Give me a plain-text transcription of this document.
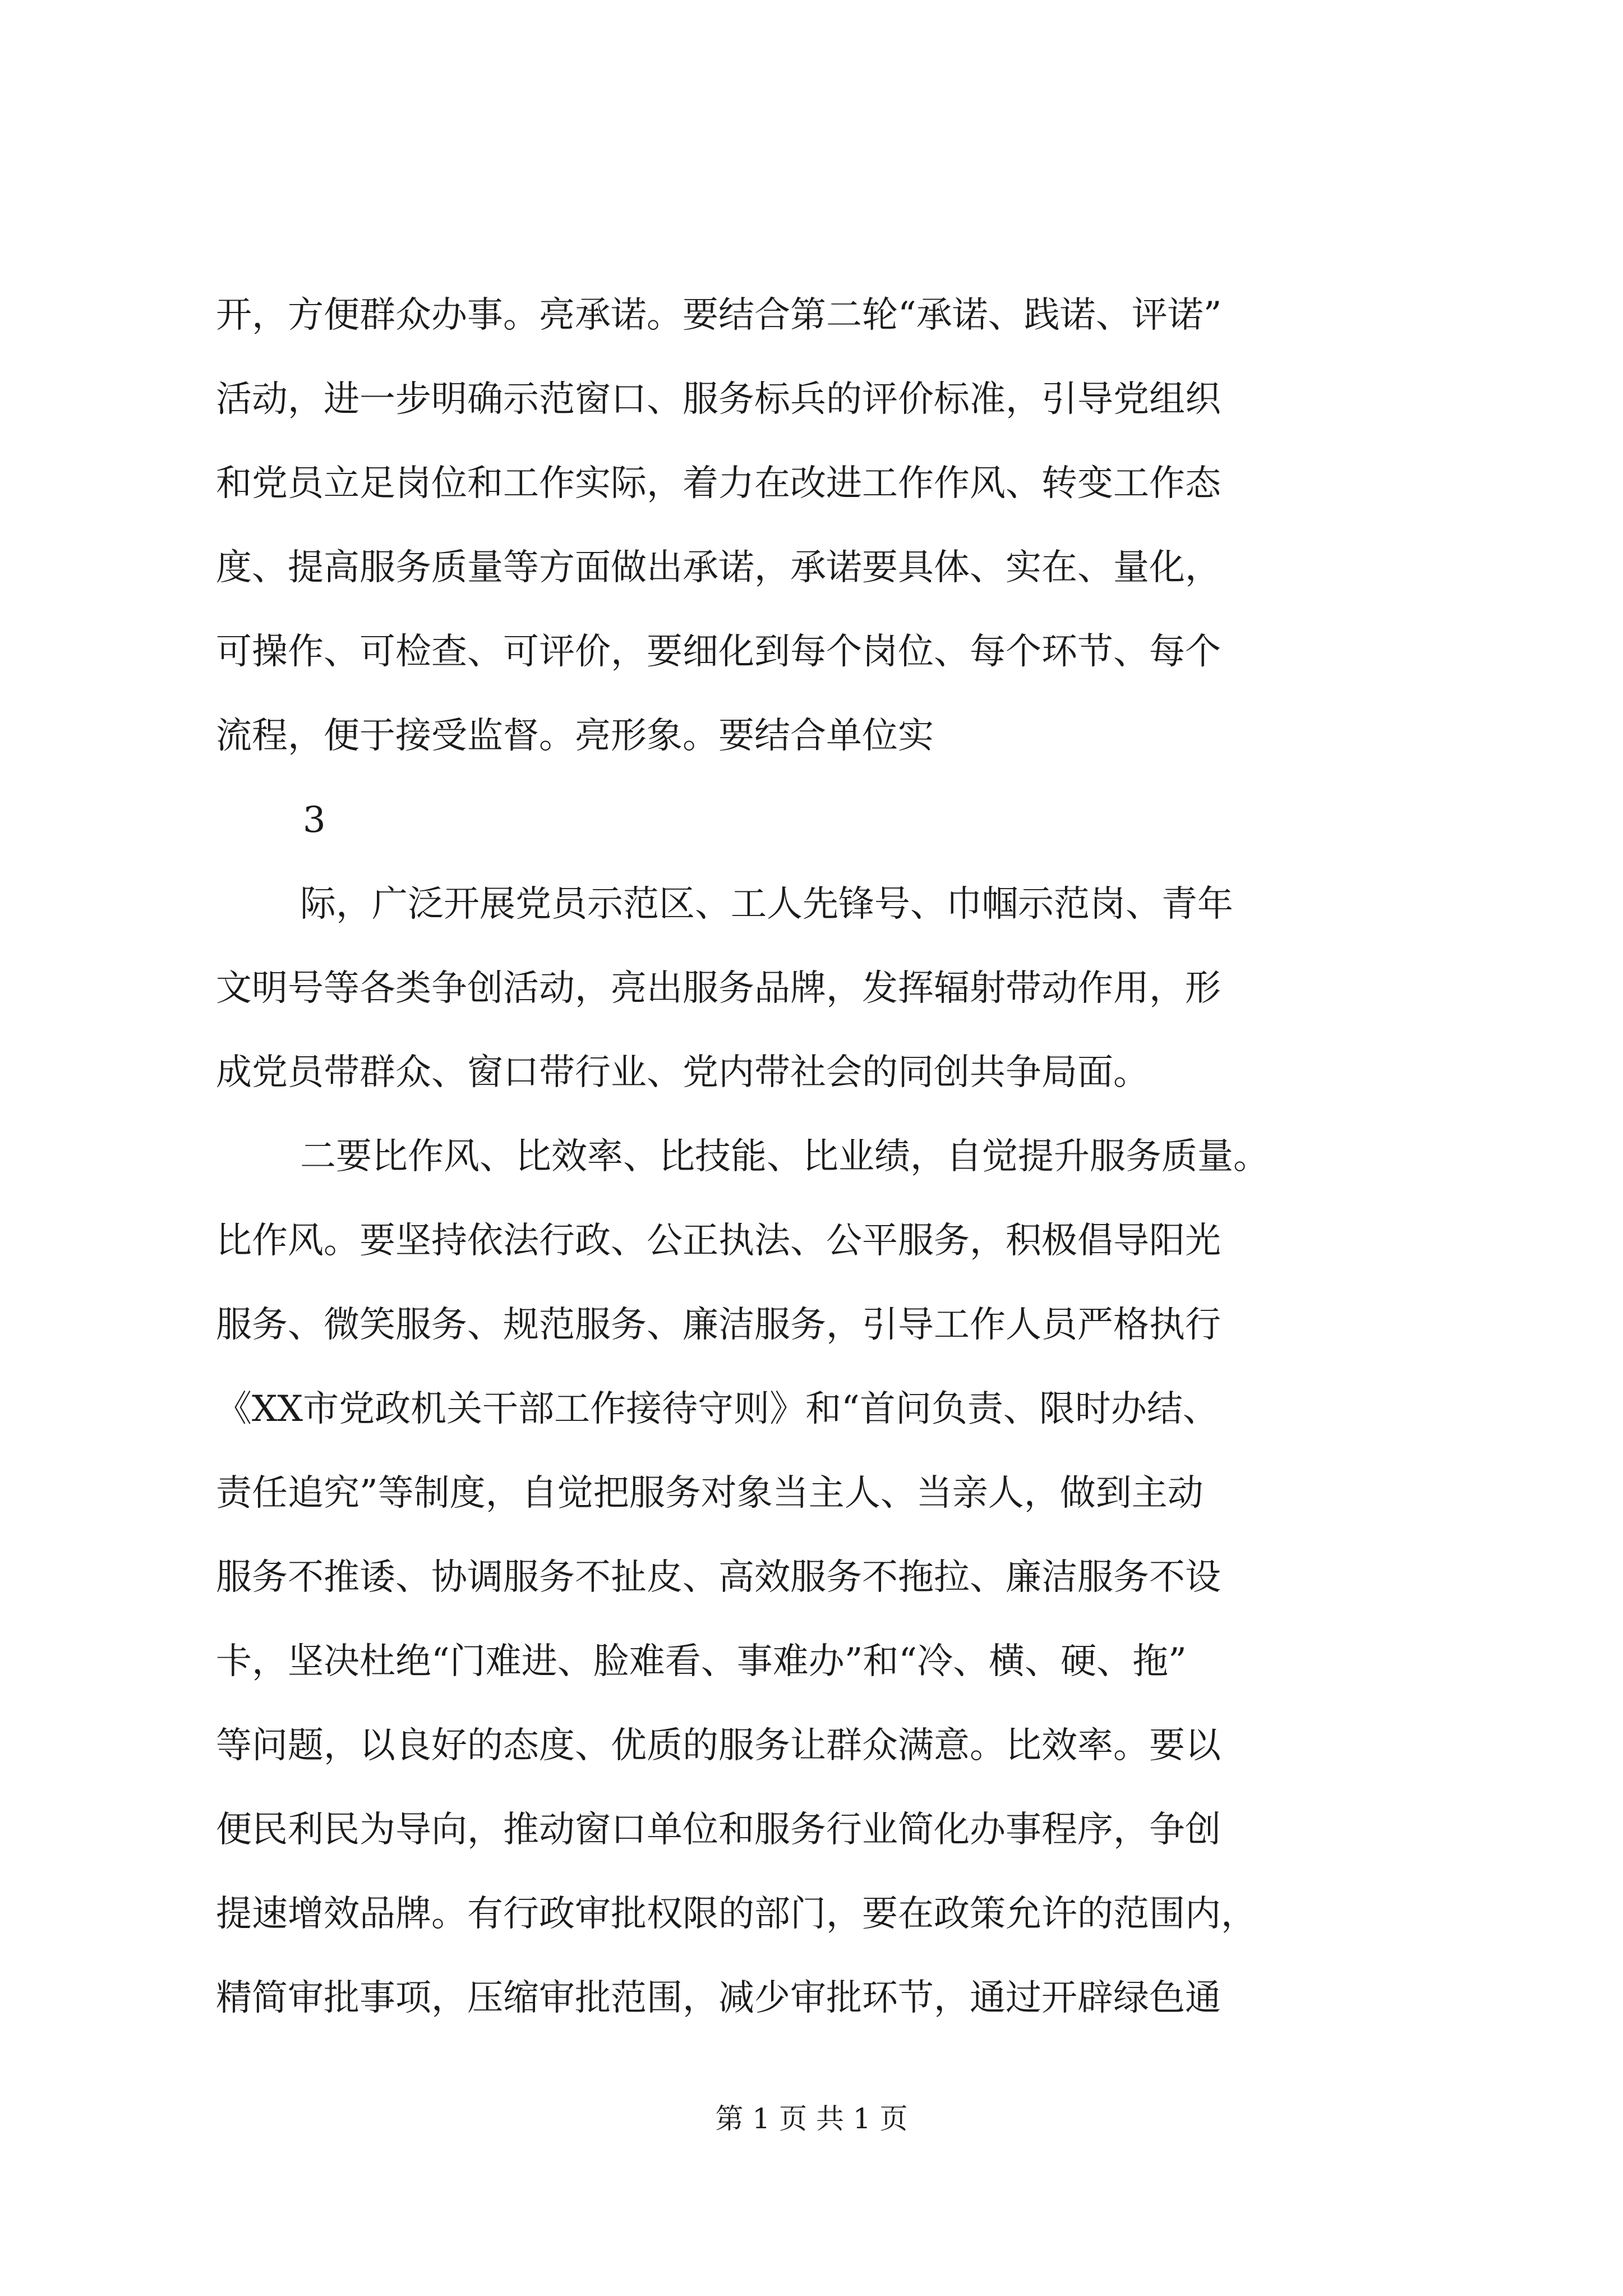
开，方便群众办事。亮承诺。要结合第二轮“承诺、践诺、评诺”
活动，进一步明确示范窗口、服务标兵的评价标准，引导党组织
和党员立足岗位和工作实际，着力在改进工作作风、转变工作态
度、提高服务质量等方面做出承诺，承诺要具体、实在、量化，
可操作、可检查、可评价，要细化到每个岗位、每个环节、每个
流程，便于接受监督。亮形象。要结合单位实
3
际，广泛开展党员示范区、工人先锋号、巾帼示范岗、青年
文明号等各类争创活动，亮出服务品牌，发挥辐射带动作用，形
成党员带群众、窗口带行业、党内带社会的同创共争局面。
二要比作风、比效率、比技能、比业绩，自觉提升服务质量。
比作风。要坚持依法行政、公正执法、公平服务，积极倡导阳光
服务、微笑服务、规范服务、廉洁服务，引导工作人员严格执行
《XX市党政机关干部工作接待守则》和“首问负责、限时办结、
责任追究”等制度，自觉把服务对象当主人、当亲人，做到主动
服务不推诿、协调服务不扯皮、高效服务不拖拉、廉洁服务不设
卡，坚决杜绝“门难进、脸难看、事难办”和“冷、横、硬、拖”
等问题，以良好的态度、优质的服务让群众满意。比效率。要以
便民利民为导向，推动窗口单位和服务行业简化办事程序，争创
提速增效品牌。有行政审批权限的部门，要在政策允许的范围内，
精简审批事项，压缩审批范围，减少审批环节，通过开辟绿色通
第 1 页 共 1 页
